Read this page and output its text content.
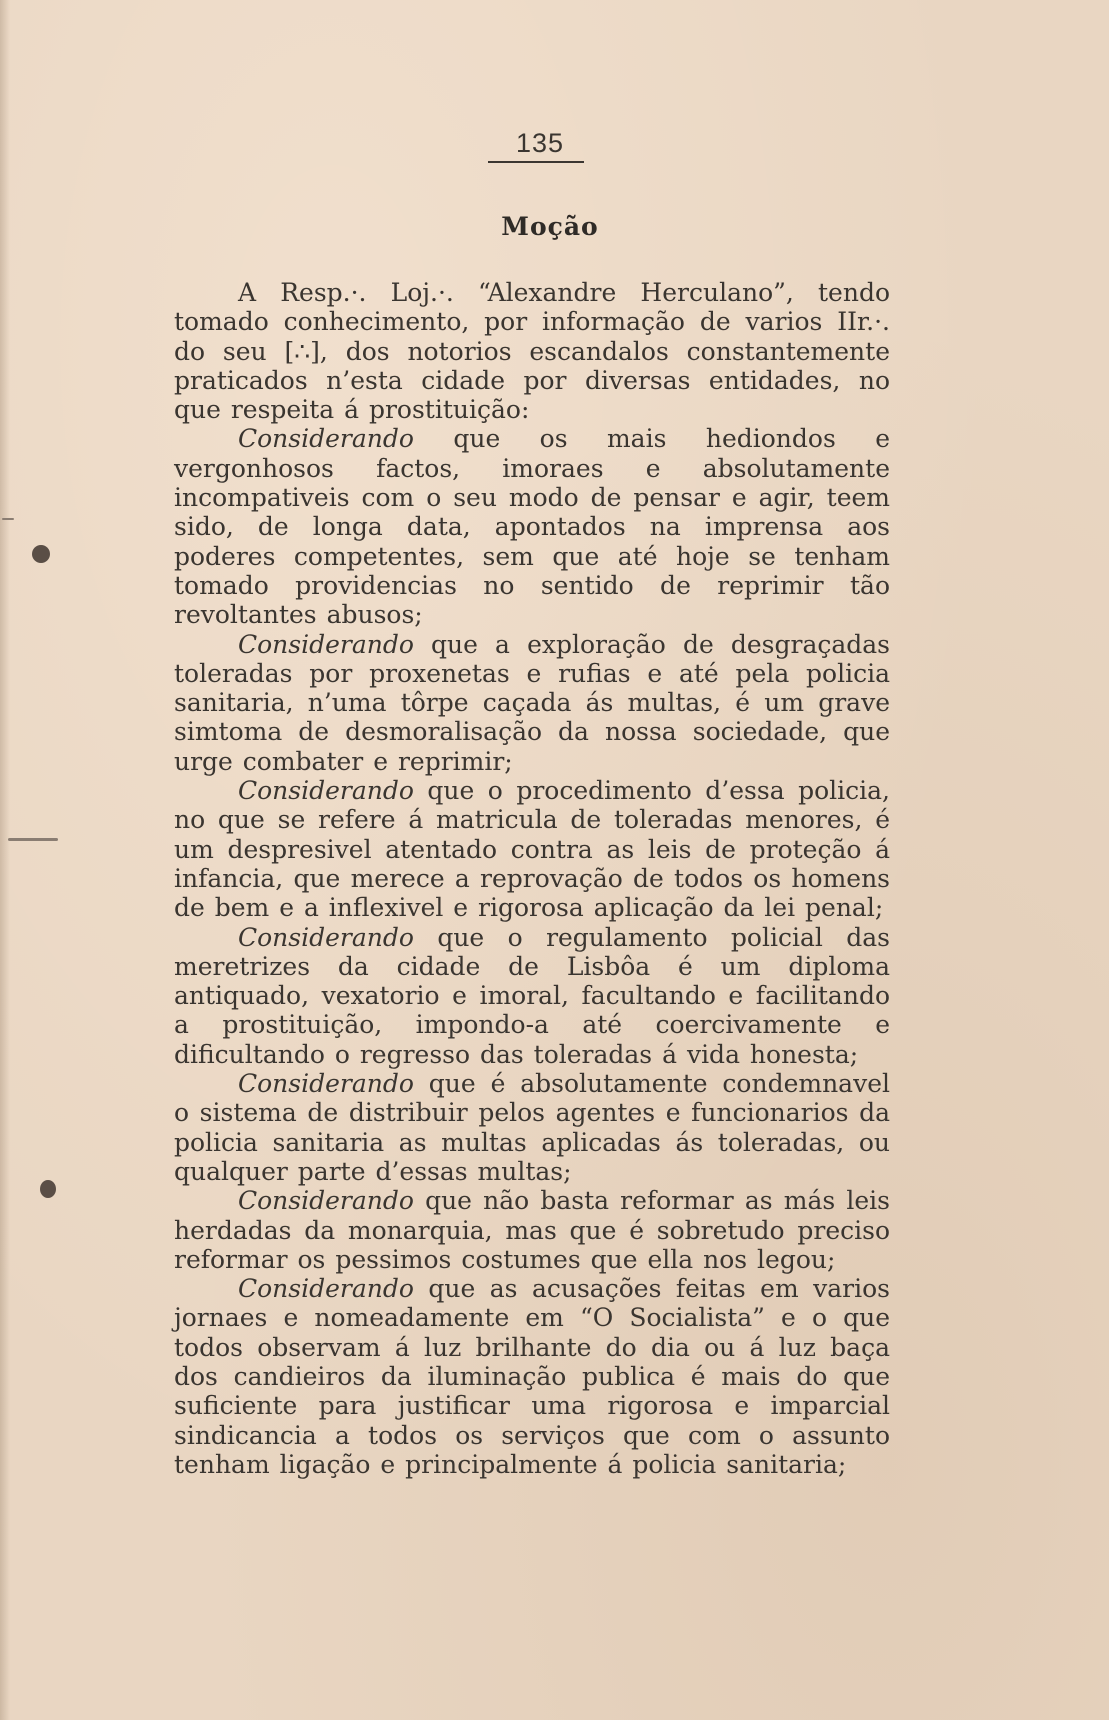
135
Moção

A Resp.·. Loj.·. “Alexandre Herculano”, tendo tomado conhecimento, por informação de varios IIr.·. do seu [∴], dos notorios escandalos constantemente praticados n’esta cidade por diversas entidades, no que respeita á prostituição:

Considerando que os mais hediondos e vergonhosos factos, imoraes e absolutamente incompativeis com o seu modo de pensar e agir, teem sido, de longa data, apontados na imprensa aos poderes competentes, sem que até hoje se tenham tomado providencias no sentido de reprimir tão revoltantes abusos;

Considerando que a exploração de desgraçadas toleradas por proxenetas e rufias e até pela policia sanitaria, n’uma tôrpe caçada ás multas, é um grave simtoma de desmoralisação da nossa sociedade, que urge combater e reprimir;

Considerando que o procedimento d’essa policia, no que se refere á matricula de toleradas menores, é um despresivel atentado contra as leis de proteção á infancia, que merece a reprovação de todos os homens de bem e a inflexivel e rigorosa aplicação da lei penal;

Considerando que o regulamento policial das meretrizes da cidade de Lisbôa é um diploma antiquado, vexatorio e imoral, facultando e facilitando a prostituição, impondo-a até coercivamente e dificultando o regresso das toleradas á vida honesta;

Considerando que é absolutamente condemnavel o sistema de distribuir pelos agentes e funcionarios da policia sanitaria as multas aplicadas ás toleradas, ou qualquer parte d’essas multas;

Considerando que não basta reformar as más leis herdadas da monarquia, mas que é sobretudo preciso reformar os pessimos costumes que ella nos legou;

Considerando que as acusações feitas em varios jornaes e nomeadamente em “O Socialista” e o que todos observam á luz brilhante do dia ou á luz baça dos candieiros da iluminação publica é mais do que suficiente para justificar uma rigorosa e imparcial sindicancia a todos os serviços que com o assunto tenham ligação e principalmente á policia sanitaria;
